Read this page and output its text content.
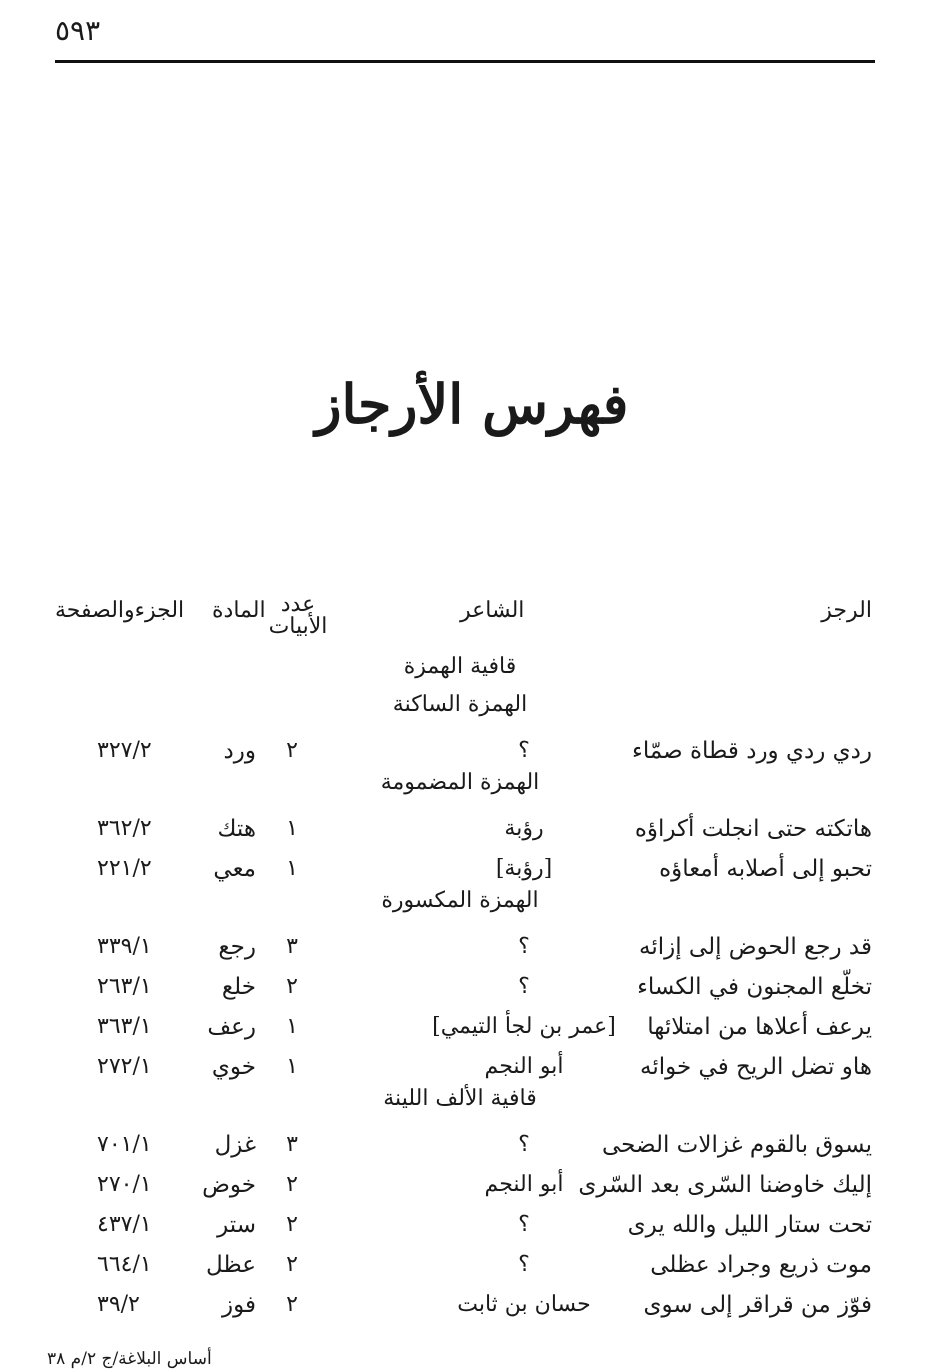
٥٩٣
فهرس الأرجاز
الرجز
الشاعر
عدد
الأبيات
المادة
الجزءوالصفحة
قافية الهمزة
الهمزة الساكنة
الهمزة المضمومة
الهمزة المكسورة
قافية الألف اللينة
ردي ردي ورد قطاة صمّاء
؟
٢
ورد
٣٢٧/٢
هاتكته حتى انجلت أكراؤه
رؤبة
١
هتك
٣٦٢/٢
تحبو إلى أصلابه أمعاؤه
[رؤبة]
١
معي
٢٢١/٢
قد رجع الحوض إلى إزائه
؟
٣
رجع
٣٣٩/١
تخلّع المجنون في الكساء
؟
٢
خلع
٢٦٣/١
يرعف أعلاها من امتلائها
[عمر بن لجأ التيمي]
١
رعف
٣٦٣/١
هاو تضل الريح في خوائه
أبو النجم
١
خوي
٢٧٢/١
يسوق بالقوم غزالات الضحى
؟
٣
غزل
٧٠١/١
إليك خاوضنا السّرى بعد السّرى
أبو النجم
٢
خوض
٢٧٠/١
تحت ستار الليل والله يرى
؟
٢
ستر
٤٣٧/١
موت ذريع وجراد عظلى
؟
٢
عظل
٦٦٤/١
فوّز من قراقر إلى سوى
حسان بن ثابت
٢
فوز
٣٩/٢
أساس البلاغة/ج ٢/م ٣٨
